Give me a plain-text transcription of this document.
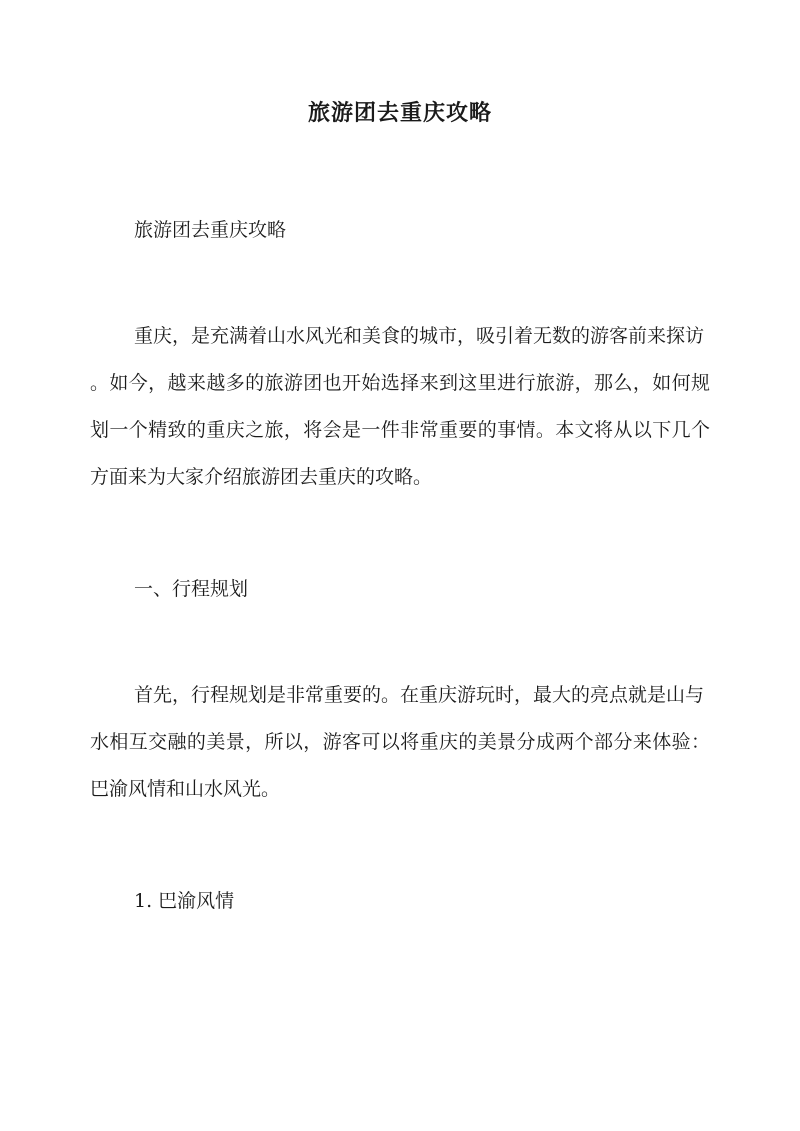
旅游团去重庆攻略
旅游团去重庆攻略
重庆，是充满着山水风光和美食的城市，吸引着无数的游客前来探访
。如今，越来越多的旅游团也开始选择来到这里进行旅游，那么，如何规
划一个精致的重庆之旅，将会是一件非常重要的事情。本文将从以下几个
方面来为大家介绍旅游团去重庆的攻略。
一、行程规划
首先，行程规划是非常重要的。在重庆游玩时，最大的亮点就是山与
水相互交融的美景，所以，游客可以将重庆的美景分成两个部分来体验：
巴渝风情和山水风光。
1. 巴渝风情
